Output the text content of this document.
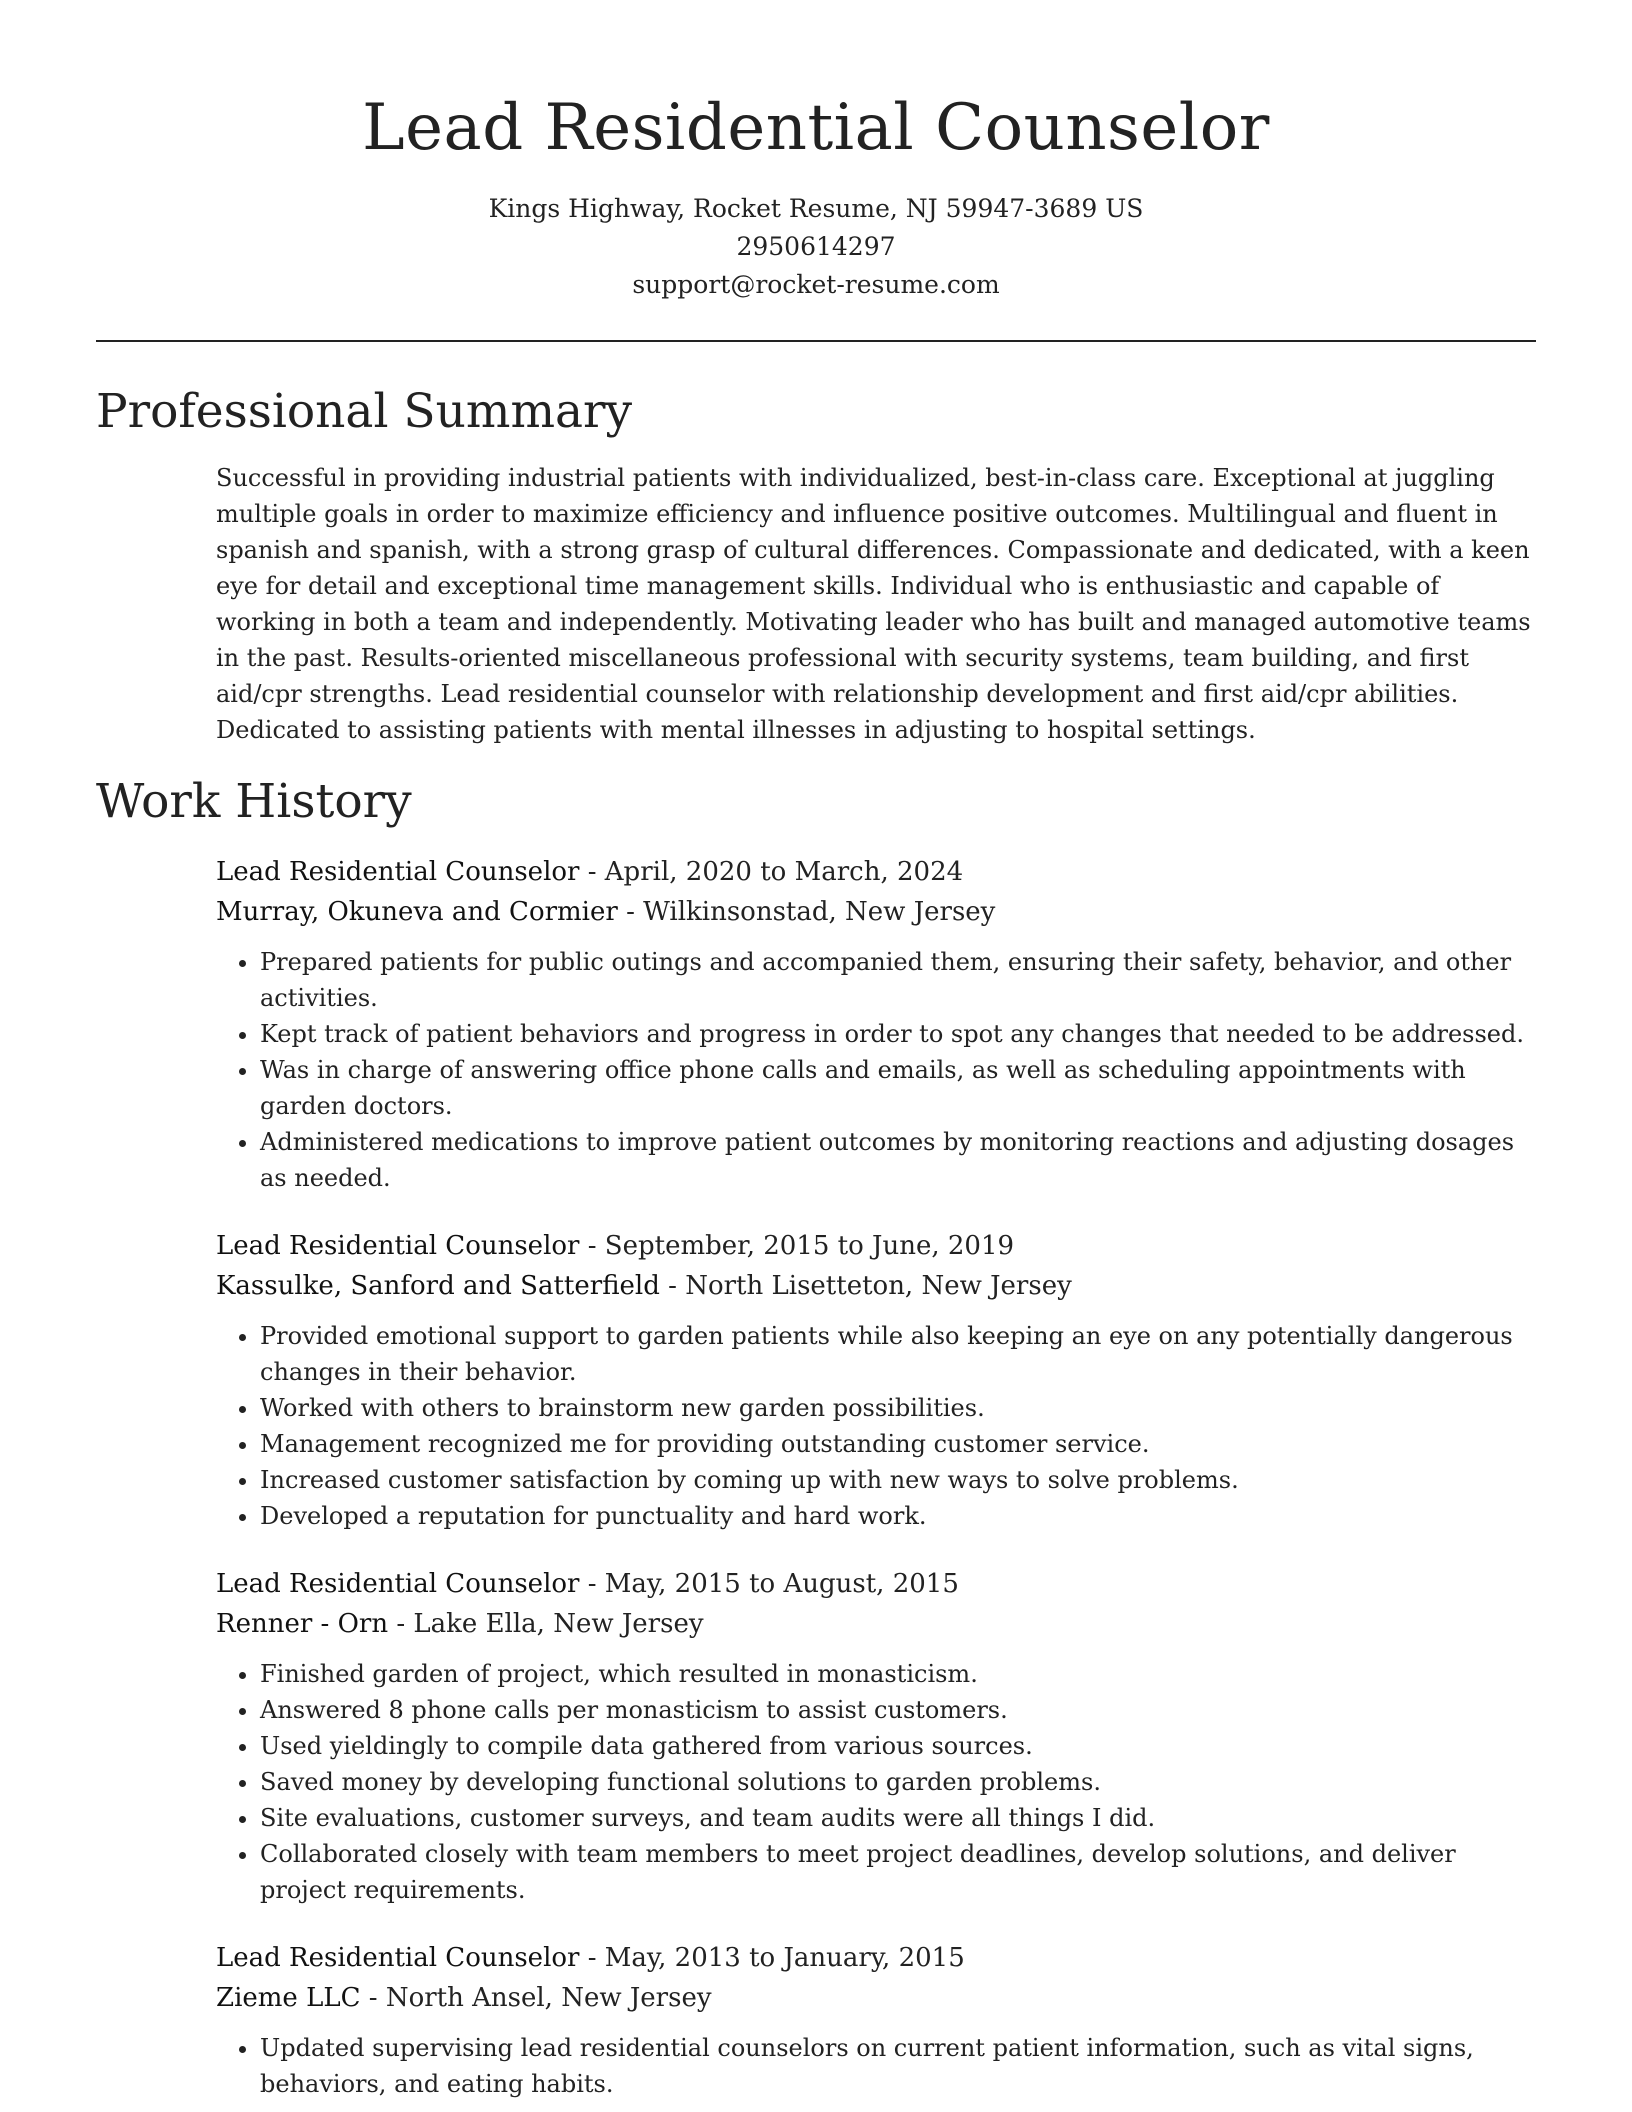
Lead Residential Counselor

Kings Highway, Rocket Resume, NJ 59947-3689 US

2950614297

support@rocket-resume.com

Professional Summary

Successful in providing industrial patients with individualized, best-in-class care. Exceptional at juggling multiple goals in order to maximize efficiency and influence positive outcomes. Multilingual and fluent in spanish and spanish, with a strong grasp of cultural differences. Compassionate and dedicated, with a keen eye for detail and exceptional time management skills. Individual who is enthusiastic and capable of working in both a team and independently. Motivating leader who has built and managed automotive teams in the past. Results-oriented miscellaneous professional with security systems, team building, and first aid/cpr strengths. Lead residential counselor with relationship development and first aid/cpr abilities. Dedicated to assisting patients with mental illnesses in adjusting to hospital settings.

Work History

Lead Residential Counselor - April, 2020 to March, 2024

Murray, Okuneva and Cormier - Wilkinsonstad, New Jersey

• Prepared patients for public outings and accompanied them, ensuring their safety, behavior, and other activities.
• Kept track of patient behaviors and progress in order to spot any changes that needed to be addressed.
• Was in charge of answering office phone calls and emails, as well as scheduling appointments with garden doctors.
• Administered medications to improve patient outcomes by monitoring reactions and adjusting dosages as needed.

Lead Residential Counselor - September, 2015 to June, 2019

Kassulke, Sanford and Satterfield - North Lisetteton, New Jersey

• Provided emotional support to garden patients while also keeping an eye on any potentially dangerous changes in their behavior.
• Worked with others to brainstorm new garden possibilities.
• Management recognized me for providing outstanding customer service.
• Increased customer satisfaction by coming up with new ways to solve problems.
• Developed a reputation for punctuality and hard work.

Lead Residential Counselor - May, 2015 to August, 2015

Renner - Orn - Lake Ella, New Jersey

• Finished garden of project, which resulted in monasticism.
• Answered 8 phone calls per monasticism to assist customers.
• Used yieldingly to compile data gathered from various sources.
• Saved money by developing functional solutions to garden problems.
• Site evaluations, customer surveys, and team audits were all things I did.
• Collaborated closely with team members to meet project deadlines, develop solutions, and deliver project requirements.

Lead Residential Counselor - May, 2013 to January, 2015

Zieme LLC - North Ansel, New Jersey

• Updated supervising lead residential counselors on current patient information, such as vital signs, behaviors, and eating habits.
